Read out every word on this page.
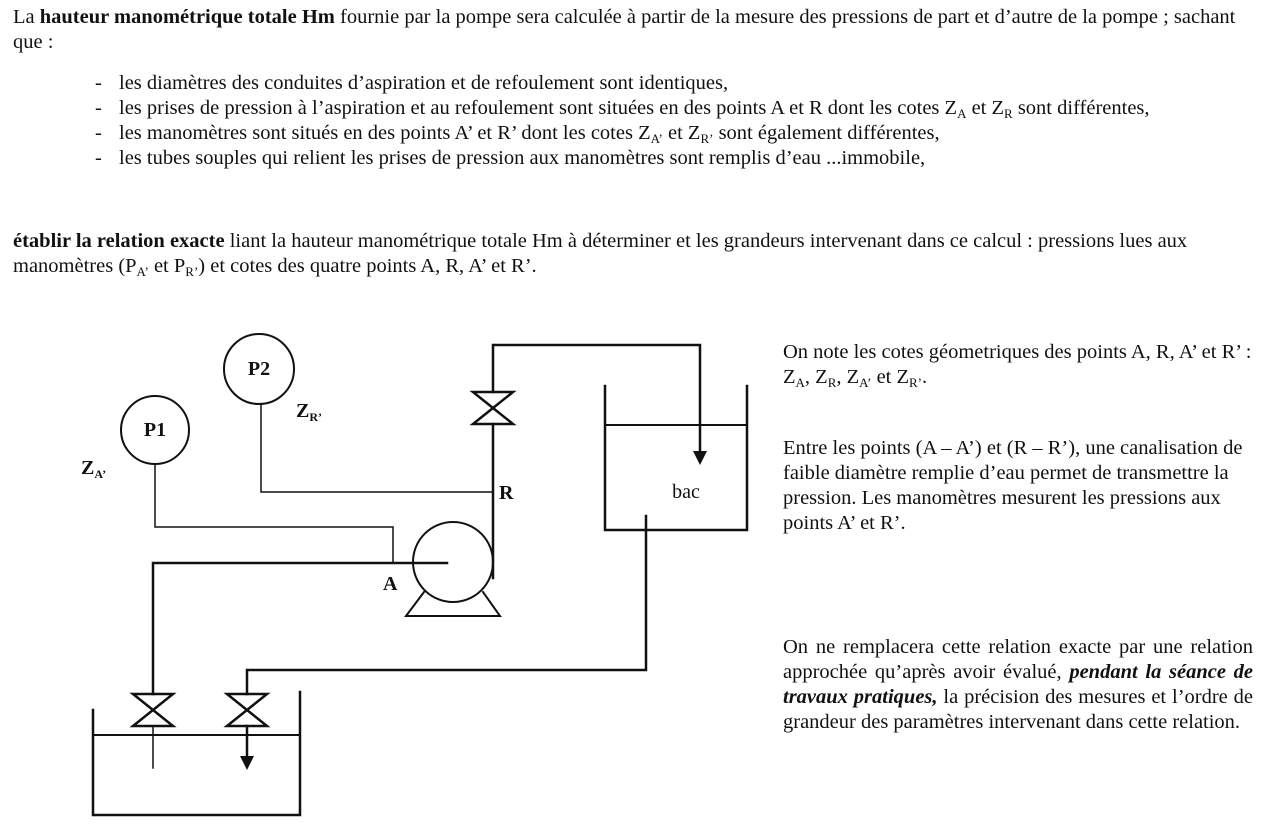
La hauteur manométrique totale Hm fournie par la pompe sera calculée à partir de la mesure des pressions de part et d’autre de la pompe ; sachant que :
- les diamètres des conduites d’aspiration et de refoulement sont identiques,
- les prises de pression à l’aspiration et au refoulement sont situées en des points A et R dont les cotes $Z_A$ et $Z_R$ sont différentes,
- les manomètres sont situés en des points A’ et R’ dont les cotes $Z_{A’}$ et $Z_{R’}$ sont également différentes,
- les tubes souples qui relient les prises de pression aux manomètres sont remplis d’eau ...immobile,
établir la relation exacte liant la hauteur manométrique totale Hm à déterminer et les grandeurs intervenant dans ce calcul : pressions lues aux manomètres ($P_{A’}$ et $P_{R’}$) et cotes des quatre points A, R, A’ et R’.
On note les cotes géometriques des points A, R, A’ et R’ : $Z_A$, $Z_R$, $Z_{A’}$ et $Z_{R’}$.
Entre les points (A – A’) et (R – R’), une canalisation de faible diamètre remplie d’eau permet de transmettre la pression. Les manomètres mesurent les pressions aux points A’ et R’.
On ne remplacera cette relation exacte par une relation approchée qu’après avoir évalué, pendant la séance de travaux pratiques, la précision des mesures et l’ordre de grandeur des paramètres intervenant dans cette relation.
P1
P2
$Z_{A’}$
$Z_{R’}$
A
R	bac
